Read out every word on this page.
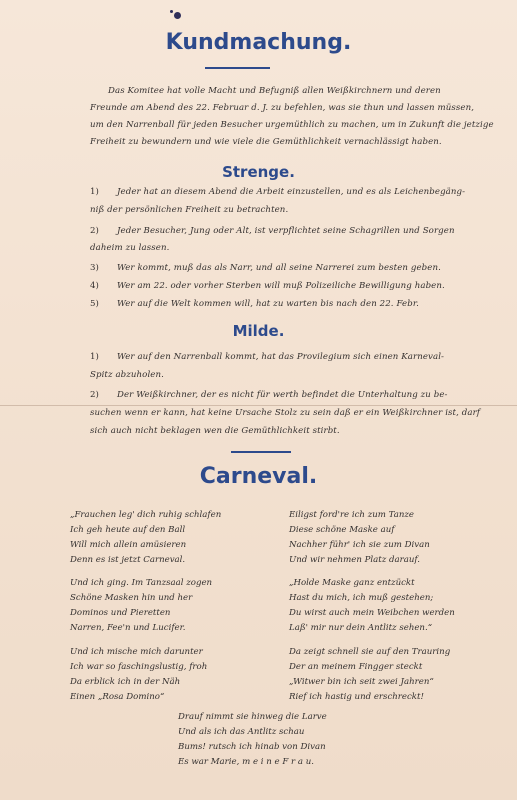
Kundmachung.
Das Komitee hat volle Macht und Befugniß allen Weißkirchnern und deren
Freunde am Abend des 22. Februar d. J. zu befehlen, was sie thun und lassen müssen,
um den Narrenball für jeden Besucher urgemüthlich zu machen, um in Zukunft die jetzige
Freiheit zu bewundern und wie viele die Gemüthlichkeit vernachlässigt haben.
Strenge.
1) Jeder hat an diesem Abend die Arbeit einzustellen, und es als Leichenbegäng-
niß der persönlichen Freiheit zu betrachten.
2) Jeder Besucher, Jung oder Alt, ist verpflichtet seine Schagrillen und Sorgen
daheim zu lassen.
3) Wer kommt, muß das als Narr, und all seine Narrerei zum besten geben.
4) Wer am 22. oder vorher Sterben will muß Polizeiliche Bewilligung haben.
5) Wer auf die Welt kommen will, hat zu warten bis nach den 22. Febr.
Milde.
1) Wer auf den Narrenball kommt, hat das Provilegium sich einen Karneval-
Spitz abzuholen.
2) Der Weißkirchner, der es nicht für werth befindet die Unterhaltung zu be-
suchen wenn er kann, hat keine Ursache Stolz zu sein daß er ein Weißkirchner ist, darf
sich auch nicht beklagen wen die Gemüthlichkeit stirbt.
Carneval.
„Frauchen leg' dich ruhig schlafen
Ich geh heute auf den Ball
Will mich allein amüsieren
Denn es ist jetzt Carneval.
Und ich ging. Im Tanzsaal zogen
Schöne Masken hin und her
Dominos und Pieretten
Narren, Fee'n und Lucifer.
Und ich mische mich darunter
Ich war so faschingslustig, froh
Da erblick ich in der Näh
Einen „Rosa Domino“
Eiligst ford're ich zum Tanze
Diese schöne Maske auf
Nachher führ' ich sie zum Divan
Und wir nehmen Platz darauf.
„Holde Maske ganz entzückt
Hast du mich, ich muß gestehen;
Du wirst auch mein Weibchen werden
Laß' mir nur dein Antlitz sehen.“
Da zeigt schnell sie auf den Trauring
Der an meinem Fingger steckt
„Witwer bin ich seit zwei Jahren“
Rief ich hastig und erschreckt!
Drauf nimmt sie hinweg die Larve
Und als ich das Antlitz schau
Bums! rutsch ich hinab von Divan
Es war Marie, m e i n e F r a u.
